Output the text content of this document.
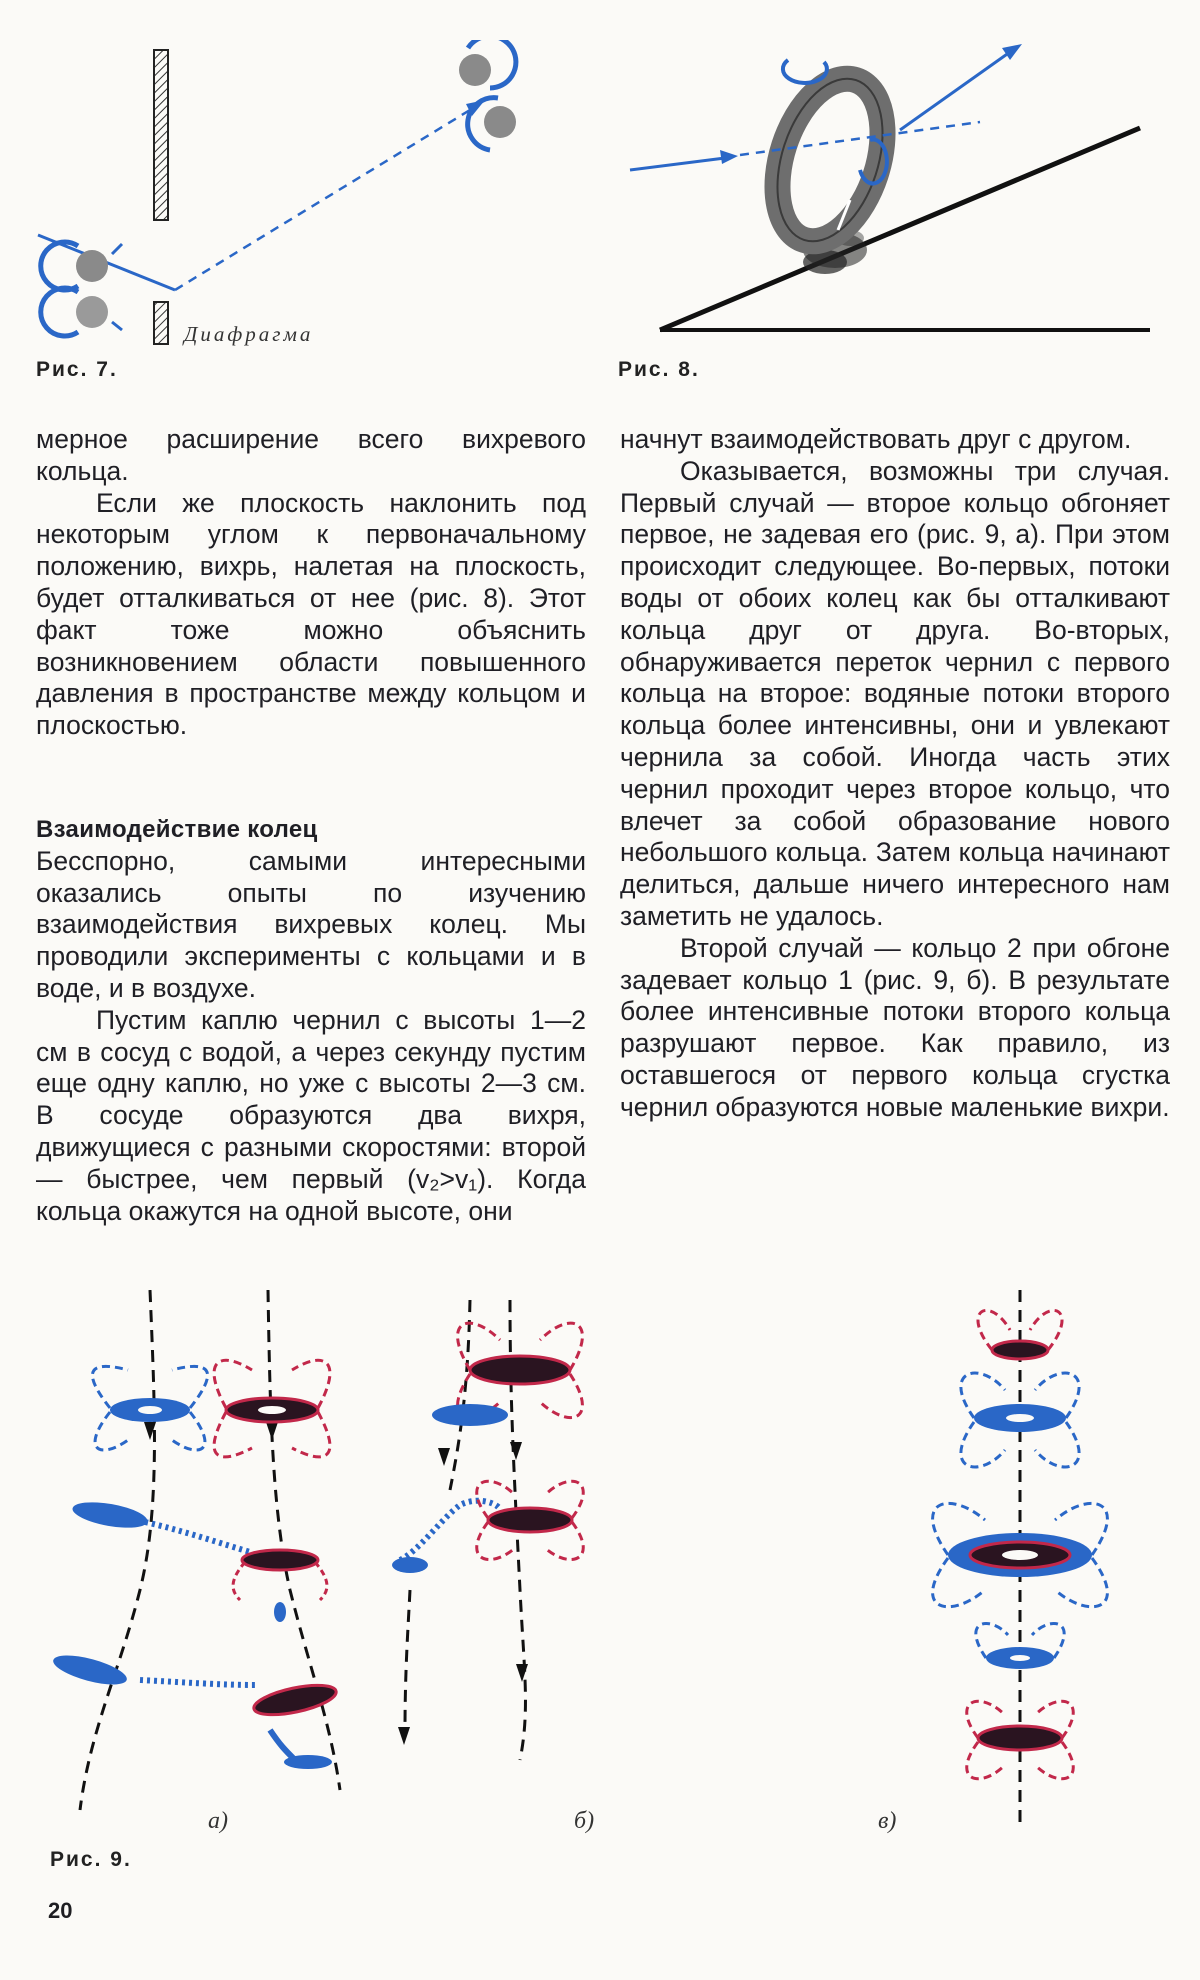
Диафрагма
Рис. 7.	Рис. 8.

мерное расширение всего вихревого кольца.

Если же плоскость наклонить под некоторым углом к первоначальному положению, вихрь, налетая на плоскость, будет отталкиваться от нее (рис. 8). Этот факт тоже можно объяснить возникновением области повышенного давления в пространстве между кольцом и плоскостью.

Взаимодействие колец

Бесспорно, самыми интересными оказались опыты по изучению взаимодействия вихревых колец. Мы проводили эксперименты с кольцами и в воде, и в воздухе.

Пустим каплю чернил с высоты 1—2 см в сосуд с водой, а через секунду пустим еще одну каплю, но уже с высоты 2—3 см. В сосуде образуются два вихря, движущиеся с разными скоростями: второй — быстрее, чем первый (v₂>v₁). Когда кольца окажутся на одной высоте, они

начнут взаимодействовать друг с другом.

Оказывается, возможны три случая. Первый случай — второе кольцо обгоняет первое, не задевая его (рис. 9, а). При этом происходит следующее. Во-первых, потоки воды от обоих колец как бы отталкивают кольца друг от друга. Во-вторых, обнаруживается переток чернил с первого кольца на второе: водяные потоки второго кольца более интенсивны, они и увлекают чернила за собой. Иногда часть этих чернил проходит через второе кольцо, что влечет за собой образование нового небольшого кольца. Затем кольца начинают делиться, дальше ничего интересного нам заметить не удалось.

Второй случай — кольцо 2 при обгоне задевает кольцо 1 (рис. 9, б). В результате более интенсивные потоки второго кольца разрушают первое. Как правило, из оставшегося от первого кольца сгустка чернил образуются новые маленькие вихри.

а)	б)	в)
Рис. 9.
20
